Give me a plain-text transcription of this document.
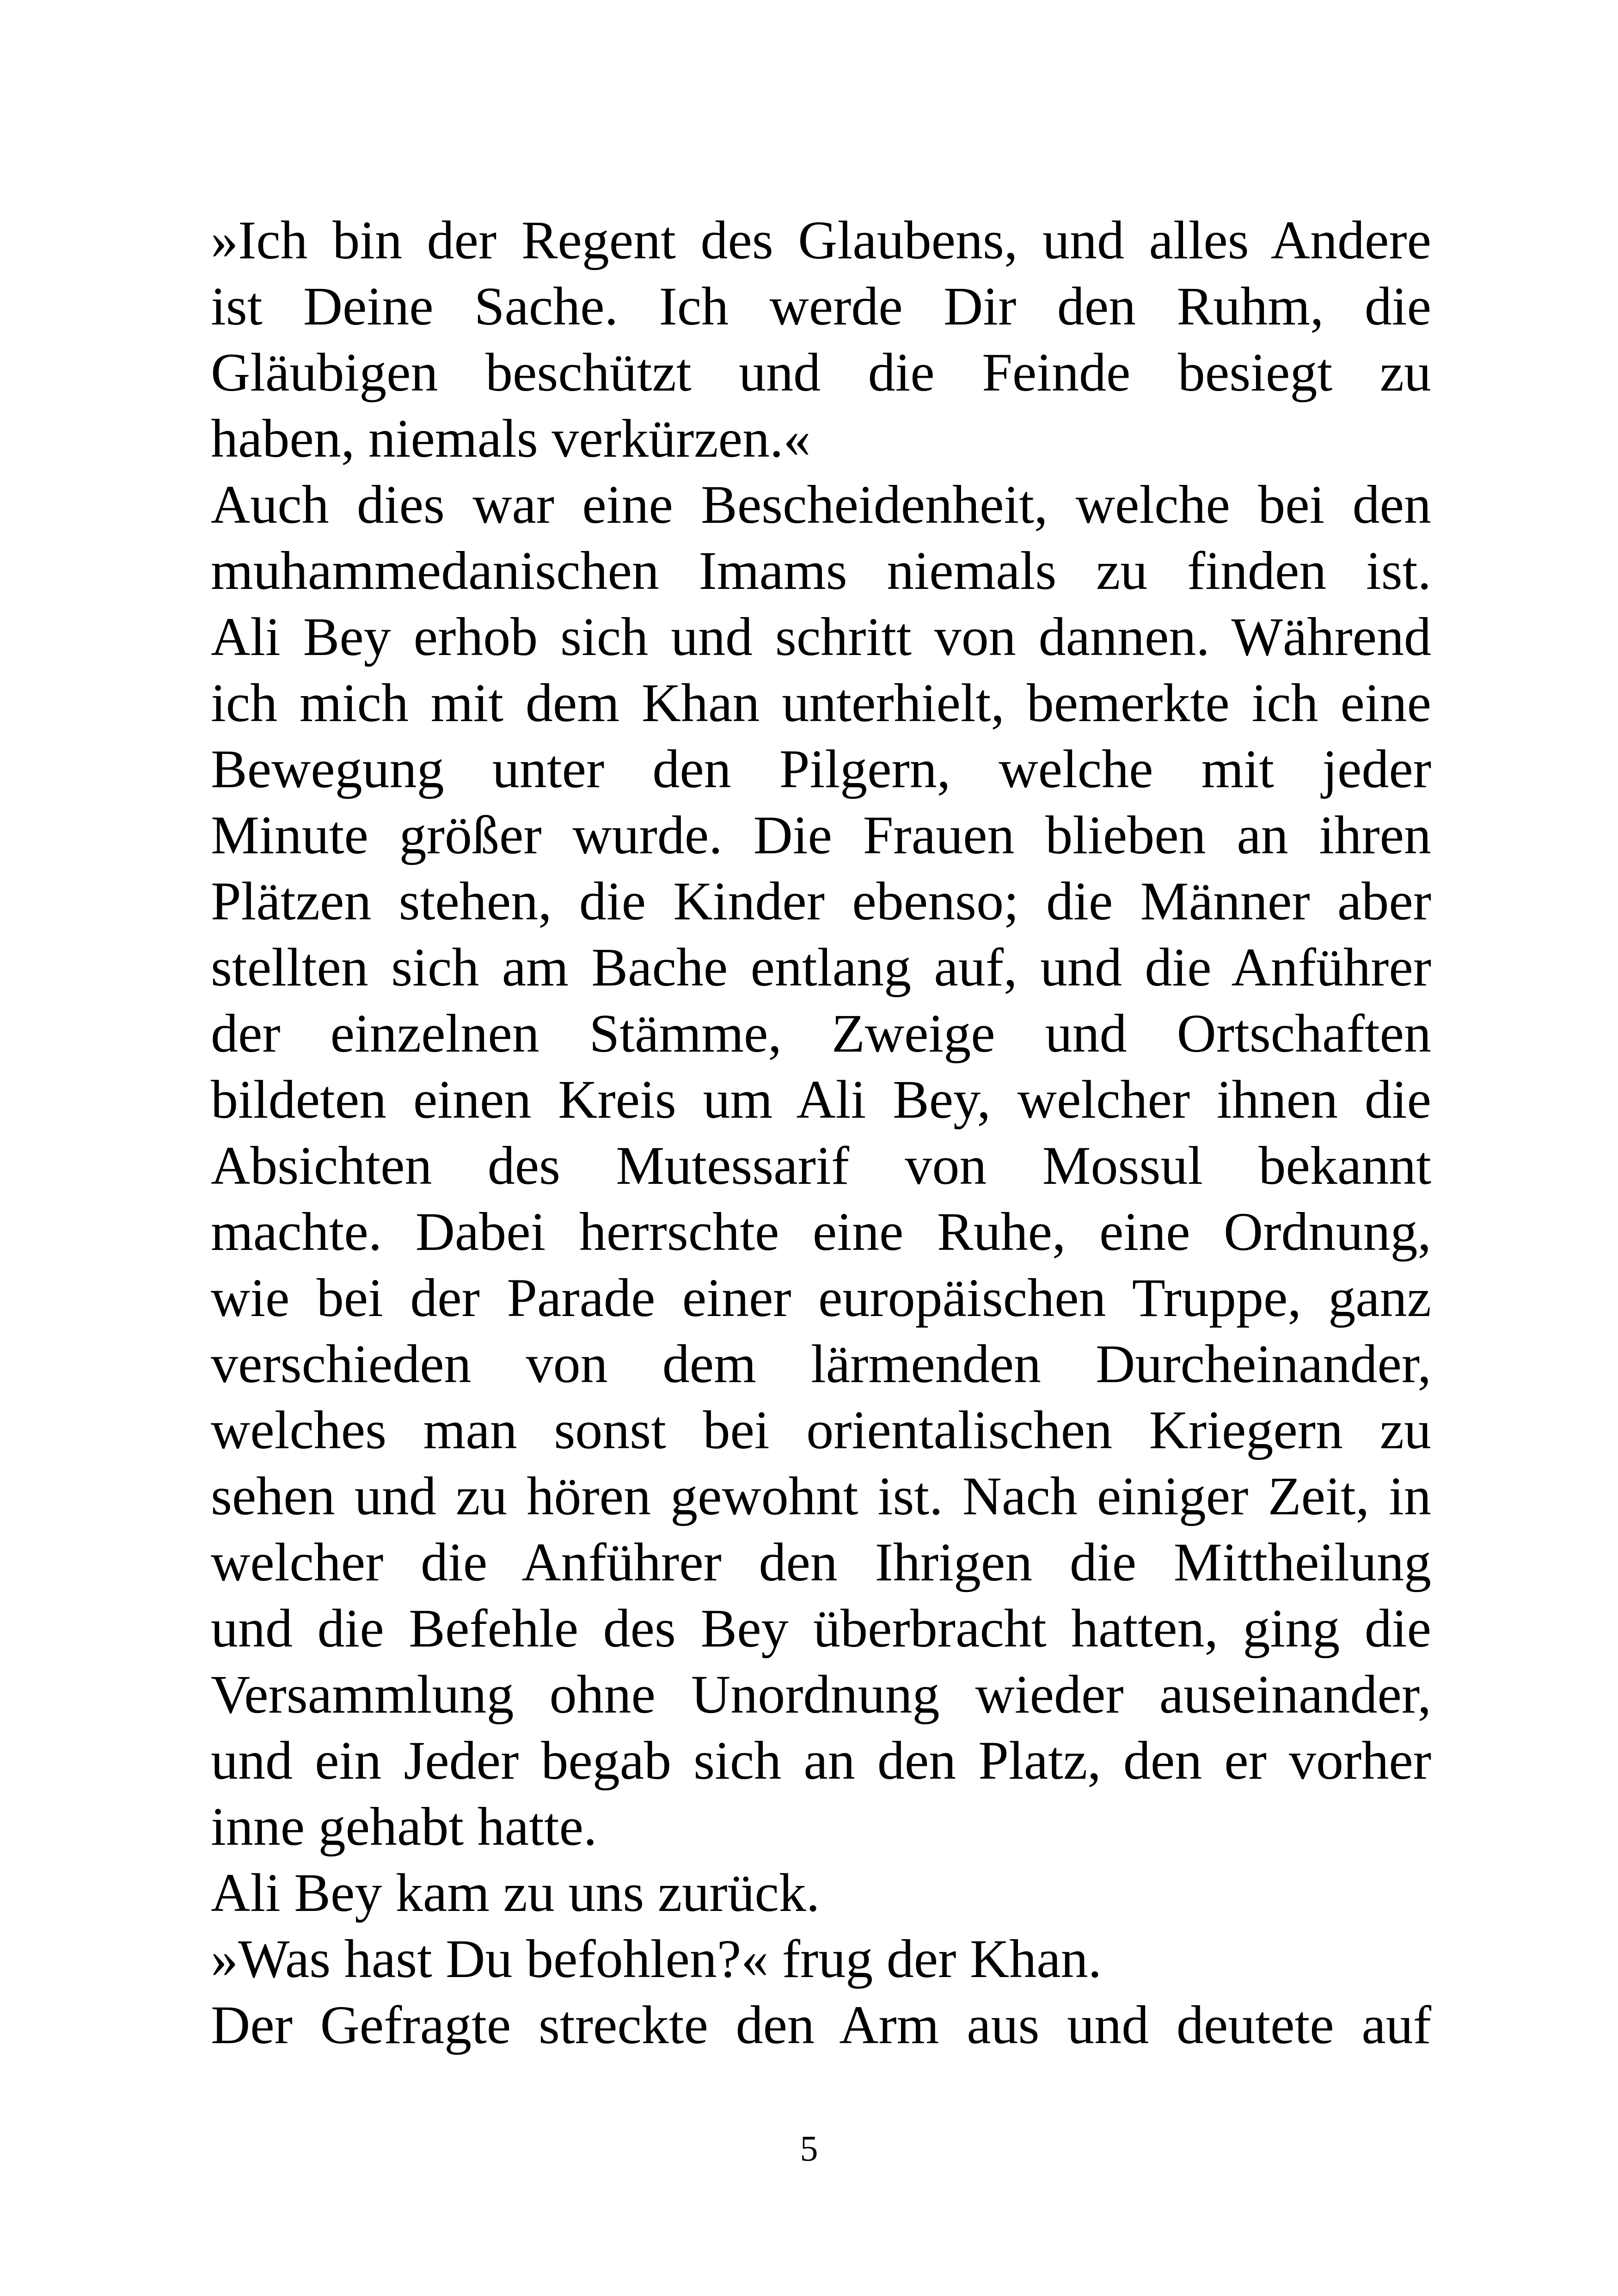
»Ich bin der Regent des Glaubens, und alles Andere
ist Deine Sache. Ich werde Dir den Ruhm, die
Gläubigen beschützt und die Feinde besiegt zu
haben, niemals verkürzen.«
Auch dies war eine Bescheidenheit, welche bei den
muhammedanischen Imams niemals zu finden ist.
Ali Bey erhob sich und schritt von dannen. Während
ich mich mit dem Khan unterhielt, bemerkte ich eine
Bewegung unter den Pilgern, welche mit jeder
Minute größer wurde. Die Frauen blieben an ihren
Plätzen stehen, die Kinder ebenso; die Männer aber
stellten sich am Bache entlang auf, und die Anführer
der einzelnen Stämme, Zweige und Ortschaften
bildeten einen Kreis um Ali Bey, welcher ihnen die
Absichten des Mutessarif von Mossul bekannt
machte. Dabei herrschte eine Ruhe, eine Ordnung,
wie bei der Parade einer europäischen Truppe, ganz
verschieden von dem lärmenden Durcheinander,
welches man sonst bei orientalischen Kriegern zu
sehen und zu hören gewohnt ist. Nach einiger Zeit, in
welcher die Anführer den Ihrigen die Mittheilung
und die Befehle des Bey überbracht hatten, ging die
Versammlung ohne Unordnung wieder auseinander,
und ein Jeder begab sich an den Platz, den er vorher
inne gehabt hatte.
Ali Bey kam zu uns zurück.
»Was hast Du befohlen?« frug der Khan.
Der Gefragte streckte den Arm aus und deutete auf
5
